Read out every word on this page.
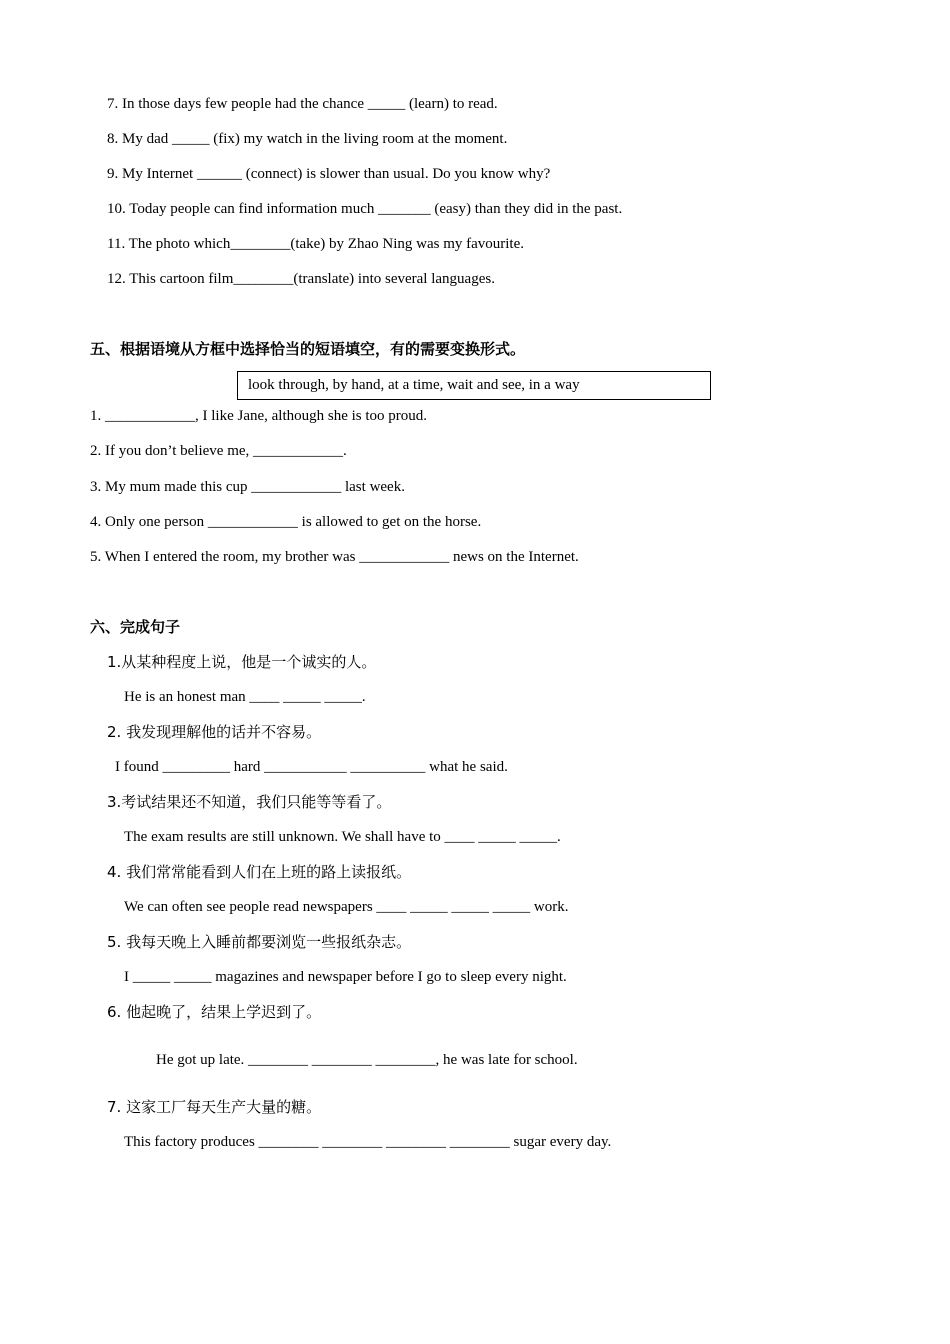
7. In those days few people had the chance _____ (learn) to read.
8. My dad _____ (fix) my watch in the living room at the moment.
9. My Internet ______ (connect) is slower than usual. Do you know why?
10. Today people can find information much _______ (easy) than they did in the past.
11. The photo which________(take) by Zhao Ning was my favourite.
12. This cartoon film________(translate) into several languages.
五、根据语境从方框中选择恰当的短语填空，有的需要变换形式。
look through, by hand, at a time, wait and see, in a way
1. ____________, I like Jane, although she is too proud.
2. If you don’t believe me, ____________.
3. My mum made this cup ____________ last week.
4. Only one person ____________ is allowed to get on the horse.
5. When I entered the room, my brother was ____________ news on the Internet.
六、完成句子
1.从某种程度上说，他是一个诚实的人。
He is an honest man ____ _____ _____.
2. 我发现理解他的话并不容易。
I found _________ hard ___________ __________ what he said.
3.考试结果还不知道，我们只能等等看了。
The exam results are still unknown. We shall have to ____ _____ _____.
4. 我们常常能看到人们在上班的路上读报纸。
We can often see people read newspapers ____ _____ _____ _____ work.
5. 我每天晚上入睡前都要浏览一些报纸杂志。
I _____ _____ magazines and newspaper before I go to sleep every night.
6. 他起晚了，结果上学迟到了。
He got up late. ________ ________ ________, he was late for school.
7. 这家工厂每天生产大量的糖。
This factory produces ________ ________ ________ ________ sugar every day.
